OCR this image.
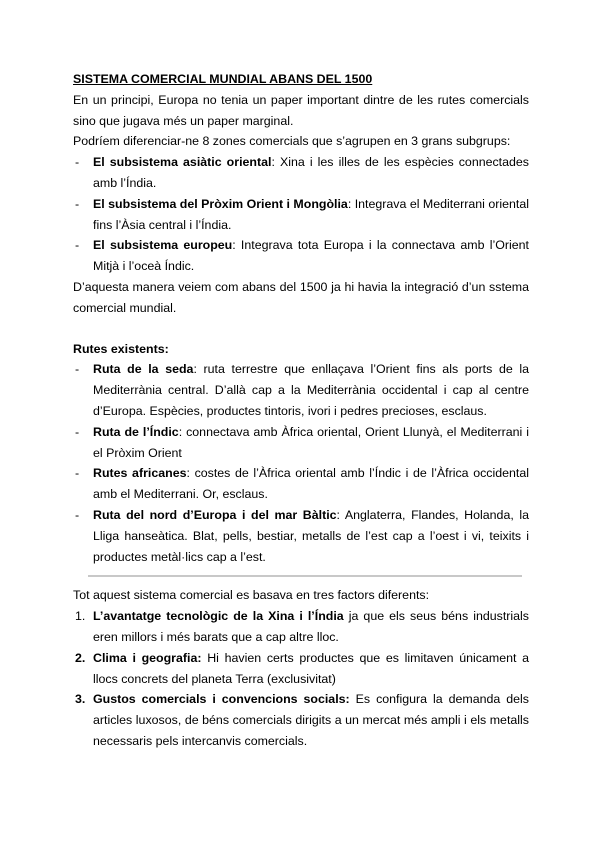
SISTEMA COMERCIAL MUNDIAL ABANS DEL 1500

En un principi, Europa no tenia un paper important dintre de les rutes comercials sino que jugava més un paper marginal.

Podríem diferenciar-ne 8 zones comercials que s’agrupen en 3 grans subgrups:

- El subsistema asiàtic oriental: Xina i les illes de les espècies connectades amb l’Índia.
- El subsistema del Pròxim Orient i Mongòlia: Integrava el Mediterrani oriental fins l’Àsia central i l’Índia.
- El subsistema europeu: Integrava tota Europa i la connectava amb l’Orient Mitjà i l’oceà Índic.

D’aquesta manera veiem com abans del 1500 ja hi havia la integració d’un sstema comercial mundial.

Rutes existents:

- Ruta de la seda: ruta terrestre que enllaçava l’Orient fins als ports de la Mediterrània central. D’allà cap a la Mediterrània occidental i cap al centre d’Europa. Espècies, productes tintoris, ivori i pedres precioses, esclaus.
- Ruta de l’Índic: connectava amb Àfrica oriental, Orient Llunyà, el Mediterrani i el Pròxim Orient
- Rutes africanes: costes de l’Àfrica oriental amb l’Índic i de l’Àfrica occidental amb el Mediterrani. Or, esclaus.
- Ruta del nord d’Europa i del mar Bàltic: Anglaterra, Flandes, Holanda, la Lliga hanseàtica. Blat, pells, bestiar, metalls de l’est cap a l’oest i vi, teixits i productes metàl·lics cap a l’est.

Tot aquest sistema comercial es basava en tres factors diferents:

1. L’avantatge tecnològic de la Xina i l’Índia ja que els seus béns industrials eren millors i més barats que a cap altre lloc.
2. Clima i geografia: Hi havien certs productes que es limitaven únicament a llocs concrets del planeta Terra (exclusivitat)
3. Gustos comercials i convencions socials: Es configura la demanda dels articles luxosos, de béns comercials dirigits a un mercat més ampli i els metalls necessaris pels intercanvis comercials.
